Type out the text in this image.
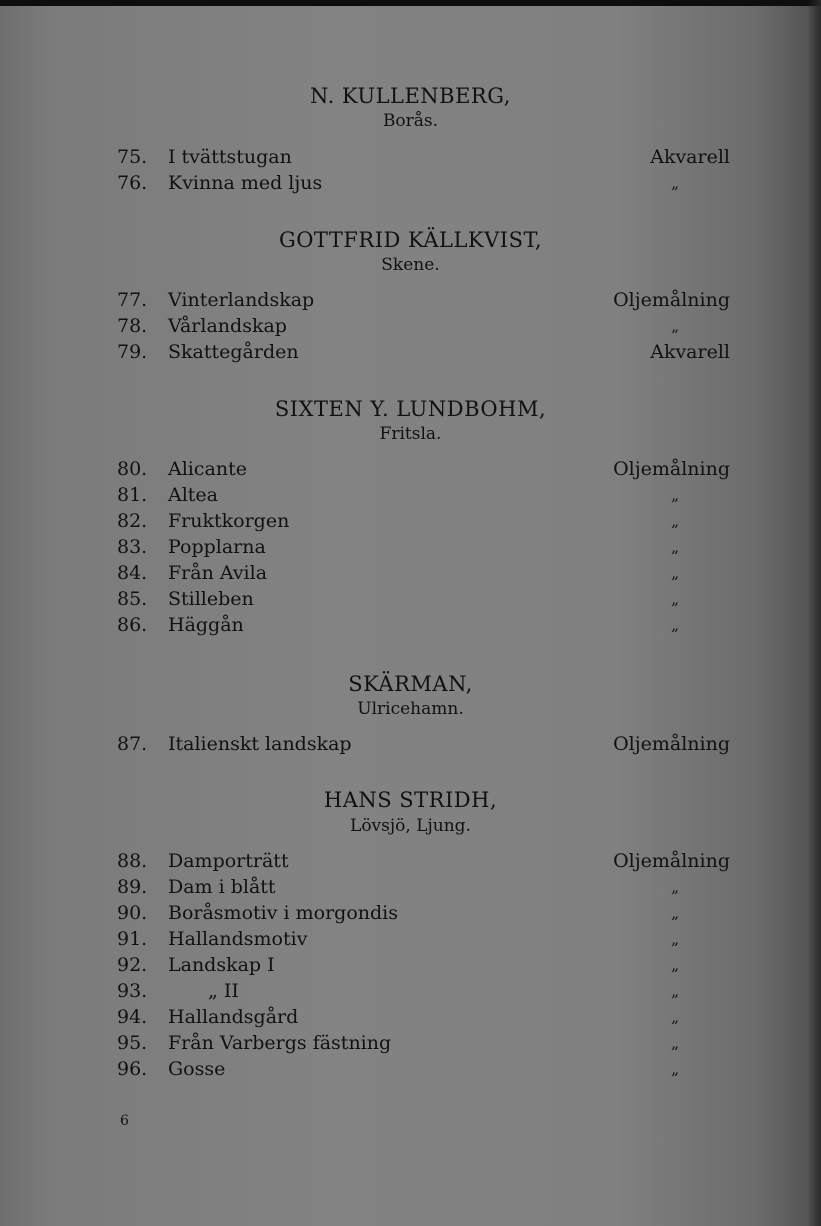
N. KULLENBERG,
Borås.
75. I tvättstugan	Akvarell
76. Kvinna med ljus	„
GOTTFRID KÄLLKVIST,
Skene.
77. Vinterlandskap	Oljemålning
78. Vårlandskap	„
79. Skattegården	Akvarell
SIXTEN Y. LUNDBOHM,
Fritsla.
80. Alicante	Oljemålning
81. Altea	„
82. Fruktkorgen	„
83. Popplarna	„
84. Från Avila	„
85. Stilleben	„
86. Häggån	„
SKÄRMAN,
Ulricehamn.
87. Italienskt landskap	Oljemålning
HANS STRIDH,
Lövsjö, Ljung.
88. Damporträtt	Oljemålning
89. Dam i blått	„
90. Boråsmotiv i morgondis	„
91. Hallandsmotiv	„
92. Landskap I	„
93.	„ II	„
94. Hallandsgård	„
95. Från Varbergs fästning	„
96. Gosse	„
6
